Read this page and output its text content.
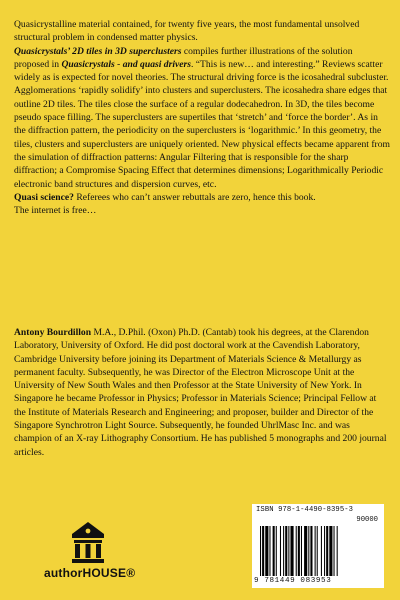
Quasicrystalline material contained, for twenty five years, the most fundamental unsolved structural problem in condensed matter physics.
Quasicrystals’ 2D tiles in 3D superclusters compiles further illustrations of the solution proposed in Quasicrystals - and quasi drivers. “This is new… and interesting.” Reviews scatter widely as is expected for novel theories. The structural driving force is the icosahedral subcluster. Agglomerations ‘rapidly solidify’ into clusters and superclusters. The icosahedra share edges that outline 2D tiles. The tiles close the surface of a regular dodecahedron. In 3D, the tiles become pseudo space filling. The superclusters are supertiles that ‘stretch’ and ‘force the border’. As in the diffraction pattern, the periodicity on the superclusters is ‘logarithmic.’ In this geometry, the tiles, clusters and superclusters are uniquely oriented. New physical effects became apparent from the simulation of diffraction patterns: Angular Filtering that is responsible for the sharp diffraction; a Compromise Spacing Effect that determines dimensions; Logarithmically Periodic electronic band structures and dispersion curves, etc.
Quasi science? Referees who can’t answer rebuttals are zero, hence this book.
The internet is free…

Antony Bourdillon M.A., D.Phil. (Oxon) Ph.D. (Cantab) took his degrees, at the Clarendon Laboratory, University of Oxford. He did post doctoral work at the Cavendish Laboratory, Cambridge University before joining its Department of Materials Science & Metallurgy as permanent faculty. Subsequently, he was Director of the Electron Microscope Unit at the University of New South Wales and then Professor at the State University of New York. In Singapore he became Professor in Physics; Professor in Materials Science; Principal Fellow at the Institute of Materials Research and Engineering; and proposer, builder and Director of the Singapore Synchrotron Light Source. Subsequently, he founded UhrlMasc Inc. and was champion of an X-ray Lithography Consortium. He has published 5 monographs and 200 journal articles.

authorHOUSE®
ISBN 978-1-4490-8395-3
90000
9 781449 083953
